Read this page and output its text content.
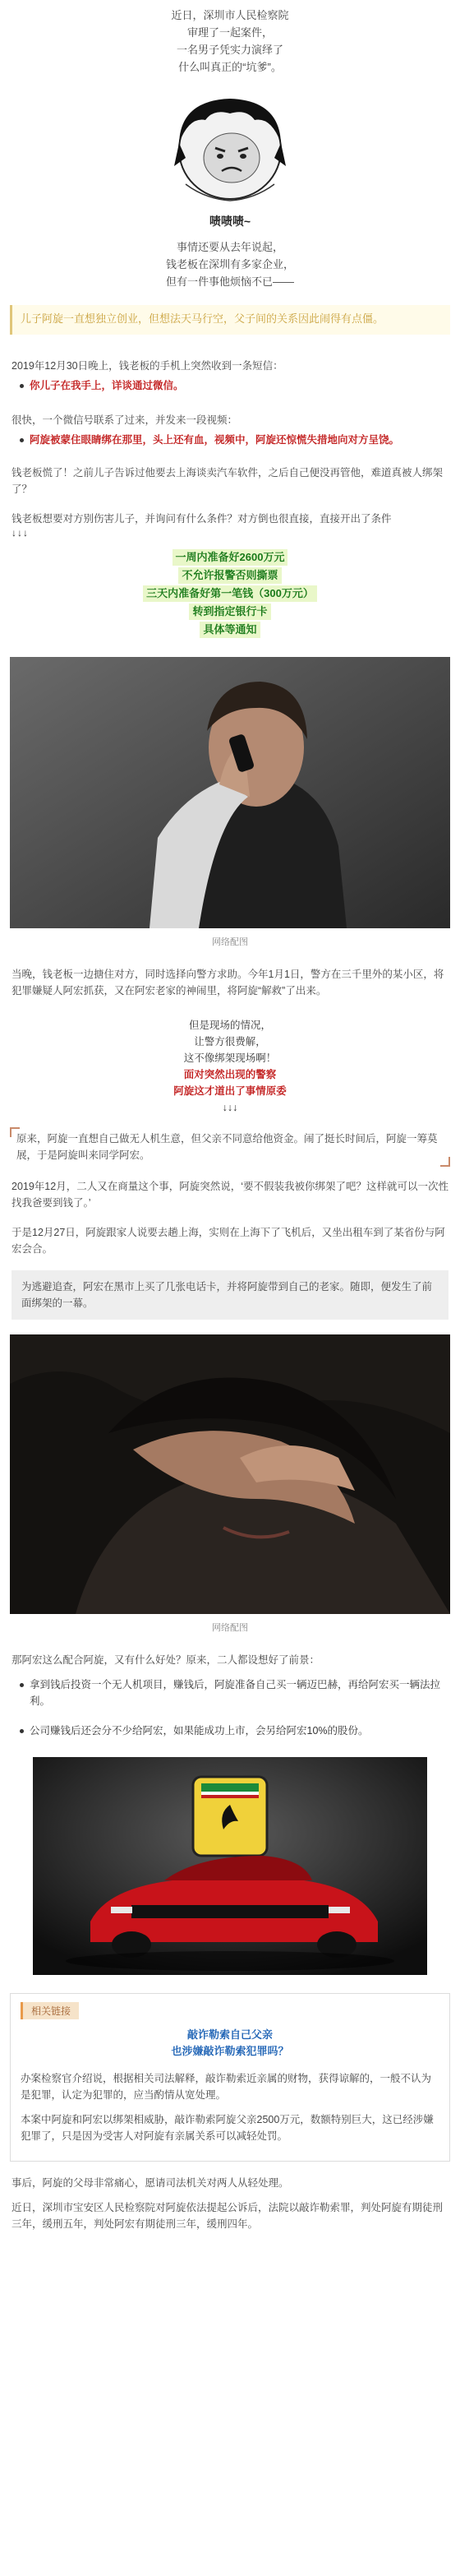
近日，深圳市人民检察院

审理了一起案件，

一名男子凭实力演绎了

什么叫真正的“坑爹”。

啧啧啧~

事情还要从去年说起，

钱老板在深圳有多家企业，

但有一件事他烦恼不已——

儿子阿旋一直想独立创业，但想法天马行空，父子间的关系因此闹得有点僵。
2019年12月30日晚上，钱老板的手机上突然收到一条短信：
你儿子在我手上，详谈通过微信。
很快，一个微信号联系了过来，并发来一段视频：
阿旋被蒙住眼睛绑在那里，头上还有血，视频中，阿旋还惊慌失措地向对方呈饶。
钱老板慌了！之前儿子告诉过他要去上海谈卖汽车软件，之后自己便没再管他，难道真被人绑架了？
钱老板想要对方别伤害儿子，并询问有什么条件？对方倒也很直接，直接开出了条件
↓↓↓
一周内准备好2600万元
不允许报警否则撕票
三天内准备好第一笔钱（300万元）
转到指定银行卡
具体等通知
网络配图
当晚，钱老板一边搪住对方，同时选择向警方求助。今年1月1日，警方在三千里外的某小区，将犯罪嫌疑人阿宏抓获，又在阿宏老家的神闹里，将阿旋“解救”了出来。

但是现场的情况，

让警方很费解，

这不像绑架现场啊！

面对突然出现的警察

阿旋这才道出了事情原委

↓↓↓

原来，阿旋一直想自己做无人机生意，但父亲不同意给他资金。闹了挺长时间后，阿旋一筹莫展，于是阿旋叫来同学阿宏。
2019年12月，二人又在商量这个事，阿旋突然说，‘要不假装我被你绑架了吧？这样就可以一次性找我爸要到钱了。’
于是12月27日，阿旋跟家人说要去趟上海，实则在上海下了飞机后，又坐出租车到了某省份与阿宏会合。
为逃避追查，阿宏在黑市上买了几张电话卡，并将阿旋带到自己的老家。随即，便发生了前面绑架的一幕。
网络配图
那阿宏这么配合阿旋，又有什么好处？原来，二人都设想好了前景：
拿到钱后投资一个无人机项目，赚钱后，阿旋准备自己买一辆迈巴赫，再给阿宏买一辆法拉利。
公司赚钱后还会分不少给阿宏，如果能成功上市，会另给阿宏10%的股份。
相关链接
敲诈勒索自己父亲
也涉嫌敲诈勒索犯罪吗？

办案检察官介绍说，根据相关司法解释，敲诈勒索近亲属的财物，获得谅解的，一般不认为是犯罪，认定为犯罪的，应当酌情从宽处理。

本案中阿旋和阿宏以绑架相威胁，敲诈勒索阿旋父亲2500万元，数额特别巨大，这已经涉嫌犯罪了，只是因为受害人对阿旋有亲属关系可以减轻处罚。

事后，阿旋的父母非常痛心，愿请司法机关对两人从轻处理。
近日，深圳市宝安区人民检察院对阿旋依法提起公诉后，法院以敲诈勒索罪，判处阿旋有期徒刑三年，缓刑五年，判处阿宏有期徒刑三年，缓刑四年。
